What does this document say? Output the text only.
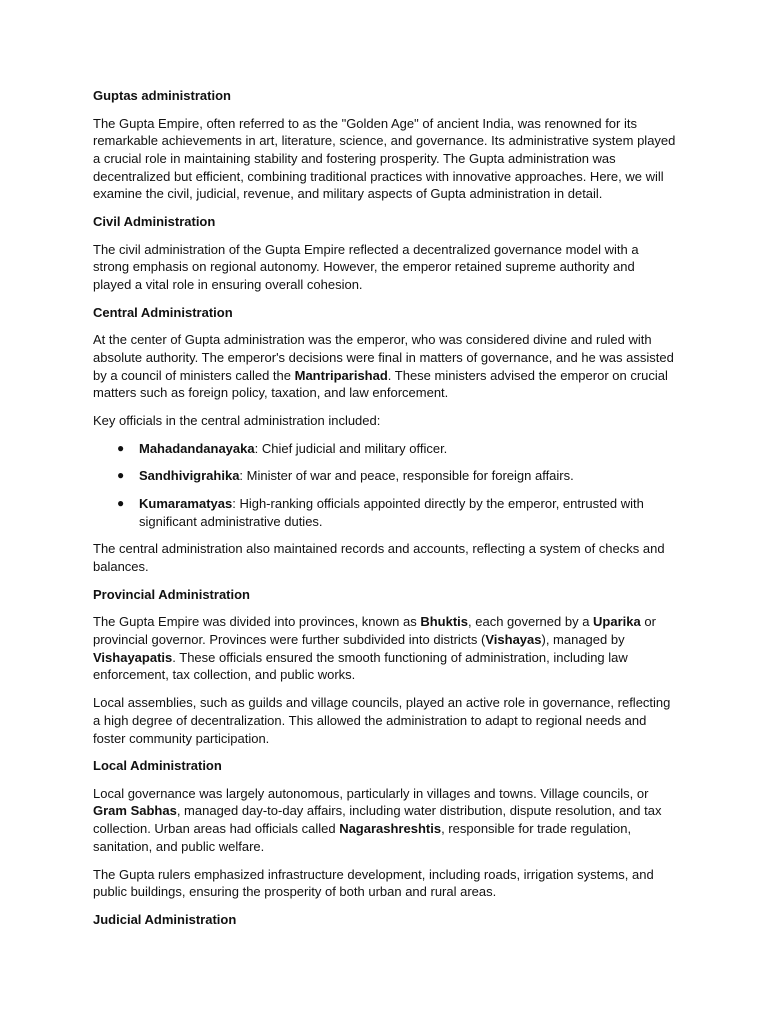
Guptas administration

The Gupta Empire, often referred to as the "Golden Age" of ancient India, was renowned for its remarkable achievements in art, literature, science, and governance. Its administrative system played a crucial role in maintaining stability and fostering prosperity. The Gupta administration was decentralized but efficient, combining traditional practices with innovative approaches. Here, we will examine the civil, judicial, revenue, and military aspects of Gupta administration in detail.

Civil Administration

The civil administration of the Gupta Empire reflected a decentralized governance model with a strong emphasis on regional autonomy. However, the emperor retained supreme authority and played a vital role in ensuring overall cohesion.

Central Administration

At the center of Gupta administration was the emperor, who was considered divine and ruled with absolute authority. The emperor's decisions were final in matters of governance, and he was assisted by a council of ministers called the Mantriparishad. These ministers advised the emperor on crucial matters such as foreign policy, taxation, and law enforcement.

Key officials in the central administration included:

● Mahadandanayaka: Chief judicial and military officer.
● Sandhivigrahika: Minister of war and peace, responsible for foreign affairs.
● Kumaramatyas: High-ranking officials appointed directly by the emperor, entrusted with significant administrative duties.

The central administration also maintained records and accounts, reflecting a system of checks and balances.

Provincial Administration

The Gupta Empire was divided into provinces, known as Bhuktis, each governed by a Uparika or provincial governor. Provinces were further subdivided into districts (Vishayas), managed by Vishayapatis. These officials ensured the smooth functioning of administration, including law enforcement, tax collection, and public works.

Local assemblies, such as guilds and village councils, played an active role in governance, reflecting a high degree of decentralization. This allowed the administration to adapt to regional needs and foster community participation.

Local Administration

Local governance was largely autonomous, particularly in villages and towns. Village councils, or Gram Sabhas, managed day-to-day affairs, including water distribution, dispute resolution, and tax collection. Urban areas had officials called Nagarashreshtis, responsible for trade regulation, sanitation, and public welfare.

The Gupta rulers emphasized infrastructure development, including roads, irrigation systems, and public buildings, ensuring the prosperity of both urban and rural areas.

Judicial Administration
